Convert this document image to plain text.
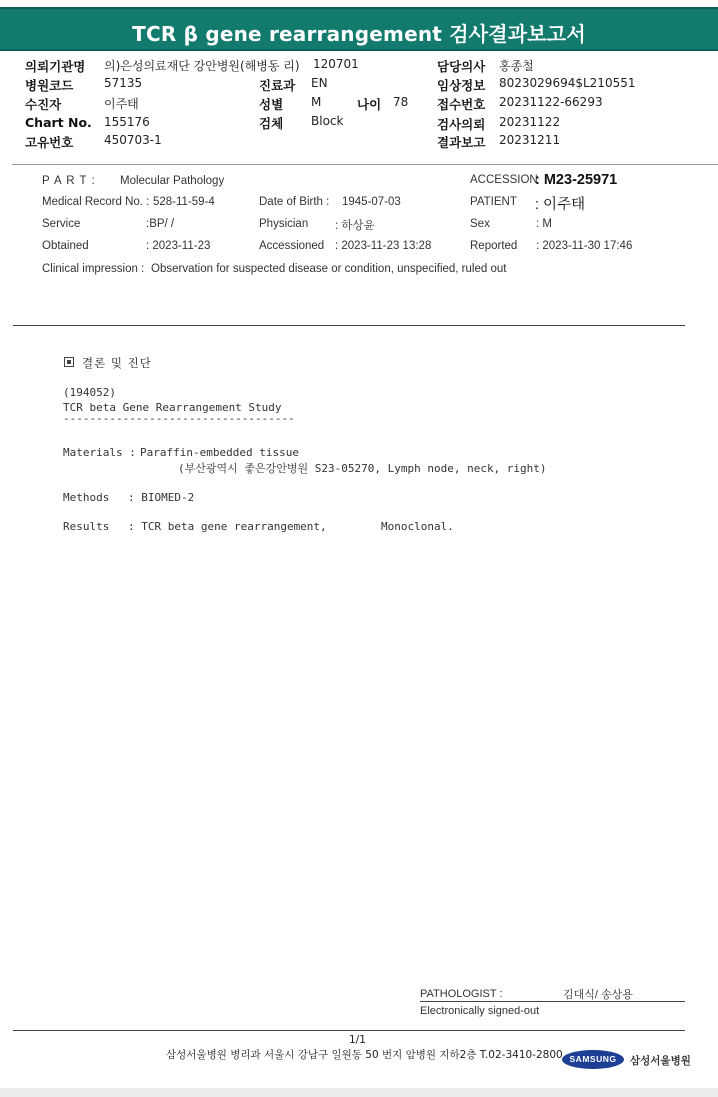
TCR β gene rearrangement 검사결과보고서
의뢰기관명 의)은성의료재단 강안병원(해병동 리) 120701	담당의사 홍종철
병원코드	57135	진료과 EN	임상정보 8023029694$L210551
수진자	이주태	성별 M	나이 78 접수번호 20231122-66293
Chart No. 155176	검체 Block	검사의뢰 20231122
고유번호	450703-1	결과보고 20231211
P A R T : Molecular Pathology	ACCESSION
: M23-25971
Medical Record No. : 528-11-59-4	Date of Birth : 1945-07-03	PATIENT : 이주태
Service	:BP/ /	Physician : 하상윤	Sex	: M
Obtained	: 2023-11-23	Accessioned : 2023-11-23 13:28	Reported : 2023-11-30 17:46
Clinical impression : Observation for suspected disease or condition, unspecified, ruled out
결론 및 진단
(194052)
TCR beta Gene Rearrangement Study
-----------------------------------
Materials : Paraffin-embedded tissue
(부산광역시 좋은강안병원 S23-05270, Lymph node, neck, right)
Methods : BIOMED-2
Results : TCR beta gene rearrangement,	Monoclonal.
PATHOLOGIST :	김대식/ 송상용
Electronically signed-out
1/1
삼성서울병원 병리과 서울시 강남구 일원동 50 번지 암병원 지하2층 T.02-3410-2800 SAMSUNG	삼성서울병원
